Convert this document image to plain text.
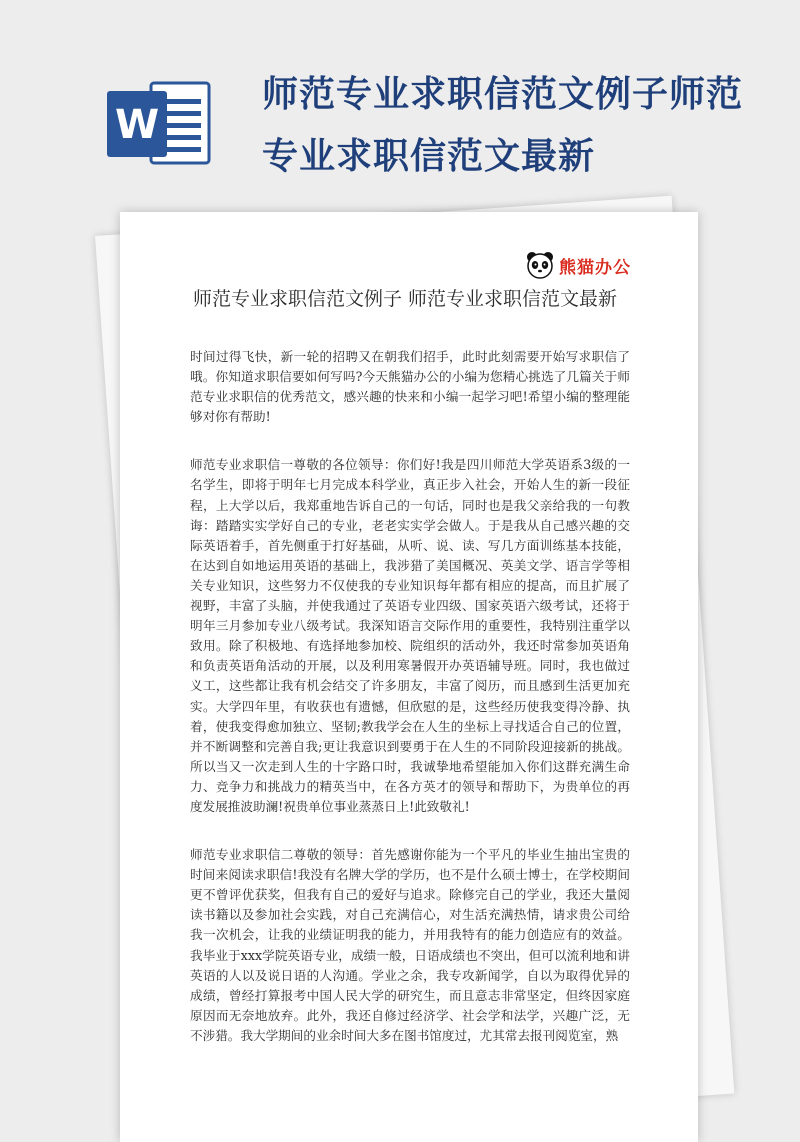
W
师范专业求职信范文例子师范专业求职信范文最新
熊猫办公
师范专业求职信范文例子 师范专业求职信范文最新

时间过得飞快，新一轮的招聘又在朝我们招手，此时此刻需要开始写求职信了哦。你知道求职信要如何写吗?今天熊猫办公的小编为您精心挑选了几篇关于师范专业求职信的优秀范文，感兴趣的快来和小编一起学习吧!希望小编的整理能够对你有帮助!

师范专业求职信一尊敬的各位领导：你们好!我是四川师范大学英语系3级的一名学生，即将于明年七月完成本科学业，真正步入社会，开始人生的新一段征程，上大学以后，我郑重地告诉自己的一句话，同时也是我父亲给我的一句教诲：踏踏实实学好自己的专业，老老实实学会做人。于是我从自己感兴趣的交际英语着手，首先侧重于打好基础，从听、说、读、写几方面训练基本技能，在达到自如地运用英语的基础上，我涉猎了美国概况、英美文学、语言学等相关专业知识，这些努力不仅使我的专业知识每年都有相应的提高，而且扩展了视野，丰富了头脑，并使我通过了英语专业四级、国家英语六级考试，还将于明年三月参加专业八级考试。我深知语言交际作用的重要性，我特别注重学以致用。除了积极地、有选择地参加校、院组织的活动外，我还时常参加英语角和负责英语角活动的开展，以及利用寒暑假开办英语辅导班。同时，我也做过义工，这些都让我有机会结交了许多朋友，丰富了阅历，而且感到生活更加充实。大学四年里，有收获也有遗憾，但欣慰的是，这些经历使我变得冷静、执着，使我变得愈加独立、坚韧;教我学会在人生的坐标上寻找适合自己的位置，并不断调整和完善自我;更让我意识到要勇于在人生的不同阶段迎接新的挑战。所以当又一次走到人生的十字路口时，我诚挚地希望能加入你们这群充满生命力、竞争力和挑战力的精英当中，在各方英才的领导和帮助下，为贵单位的再度发展推波助澜!祝贵单位事业蒸蒸日上!此致敬礼!

师范专业求职信二尊敬的领导：首先感谢你能为一个平凡的毕业生抽出宝贵的时间来阅读求职信!我没有名牌大学的学历，也不是什么硕士博士，在学校期间更不曾评优获奖，但我有自己的爱好与追求。除修完自己的学业，我还大量阅读书籍以及参加社会实践，对自己充满信心，对生活充满热情，请求贵公司给我一次机会，让我的业绩证明我的能力，并用我特有的能力创造应有的效益。我毕业于xxx学院英语专业，成绩一般，日语成绩也不突出，但可以流利地和讲英语的人以及说日语的人沟通。学业之余，我专攻新闻学，自以为取得优异的成绩，曾经打算报考中国人民大学的研究生，而且意志非常坚定，但终因家庭原因而无奈地放弃。此外，我还自修过经济学、社会学和法学，兴趣广泛，无不涉猎。我大学期间的业余时间大多在图书馆度过，尤其常去报刊阅览室，熟
